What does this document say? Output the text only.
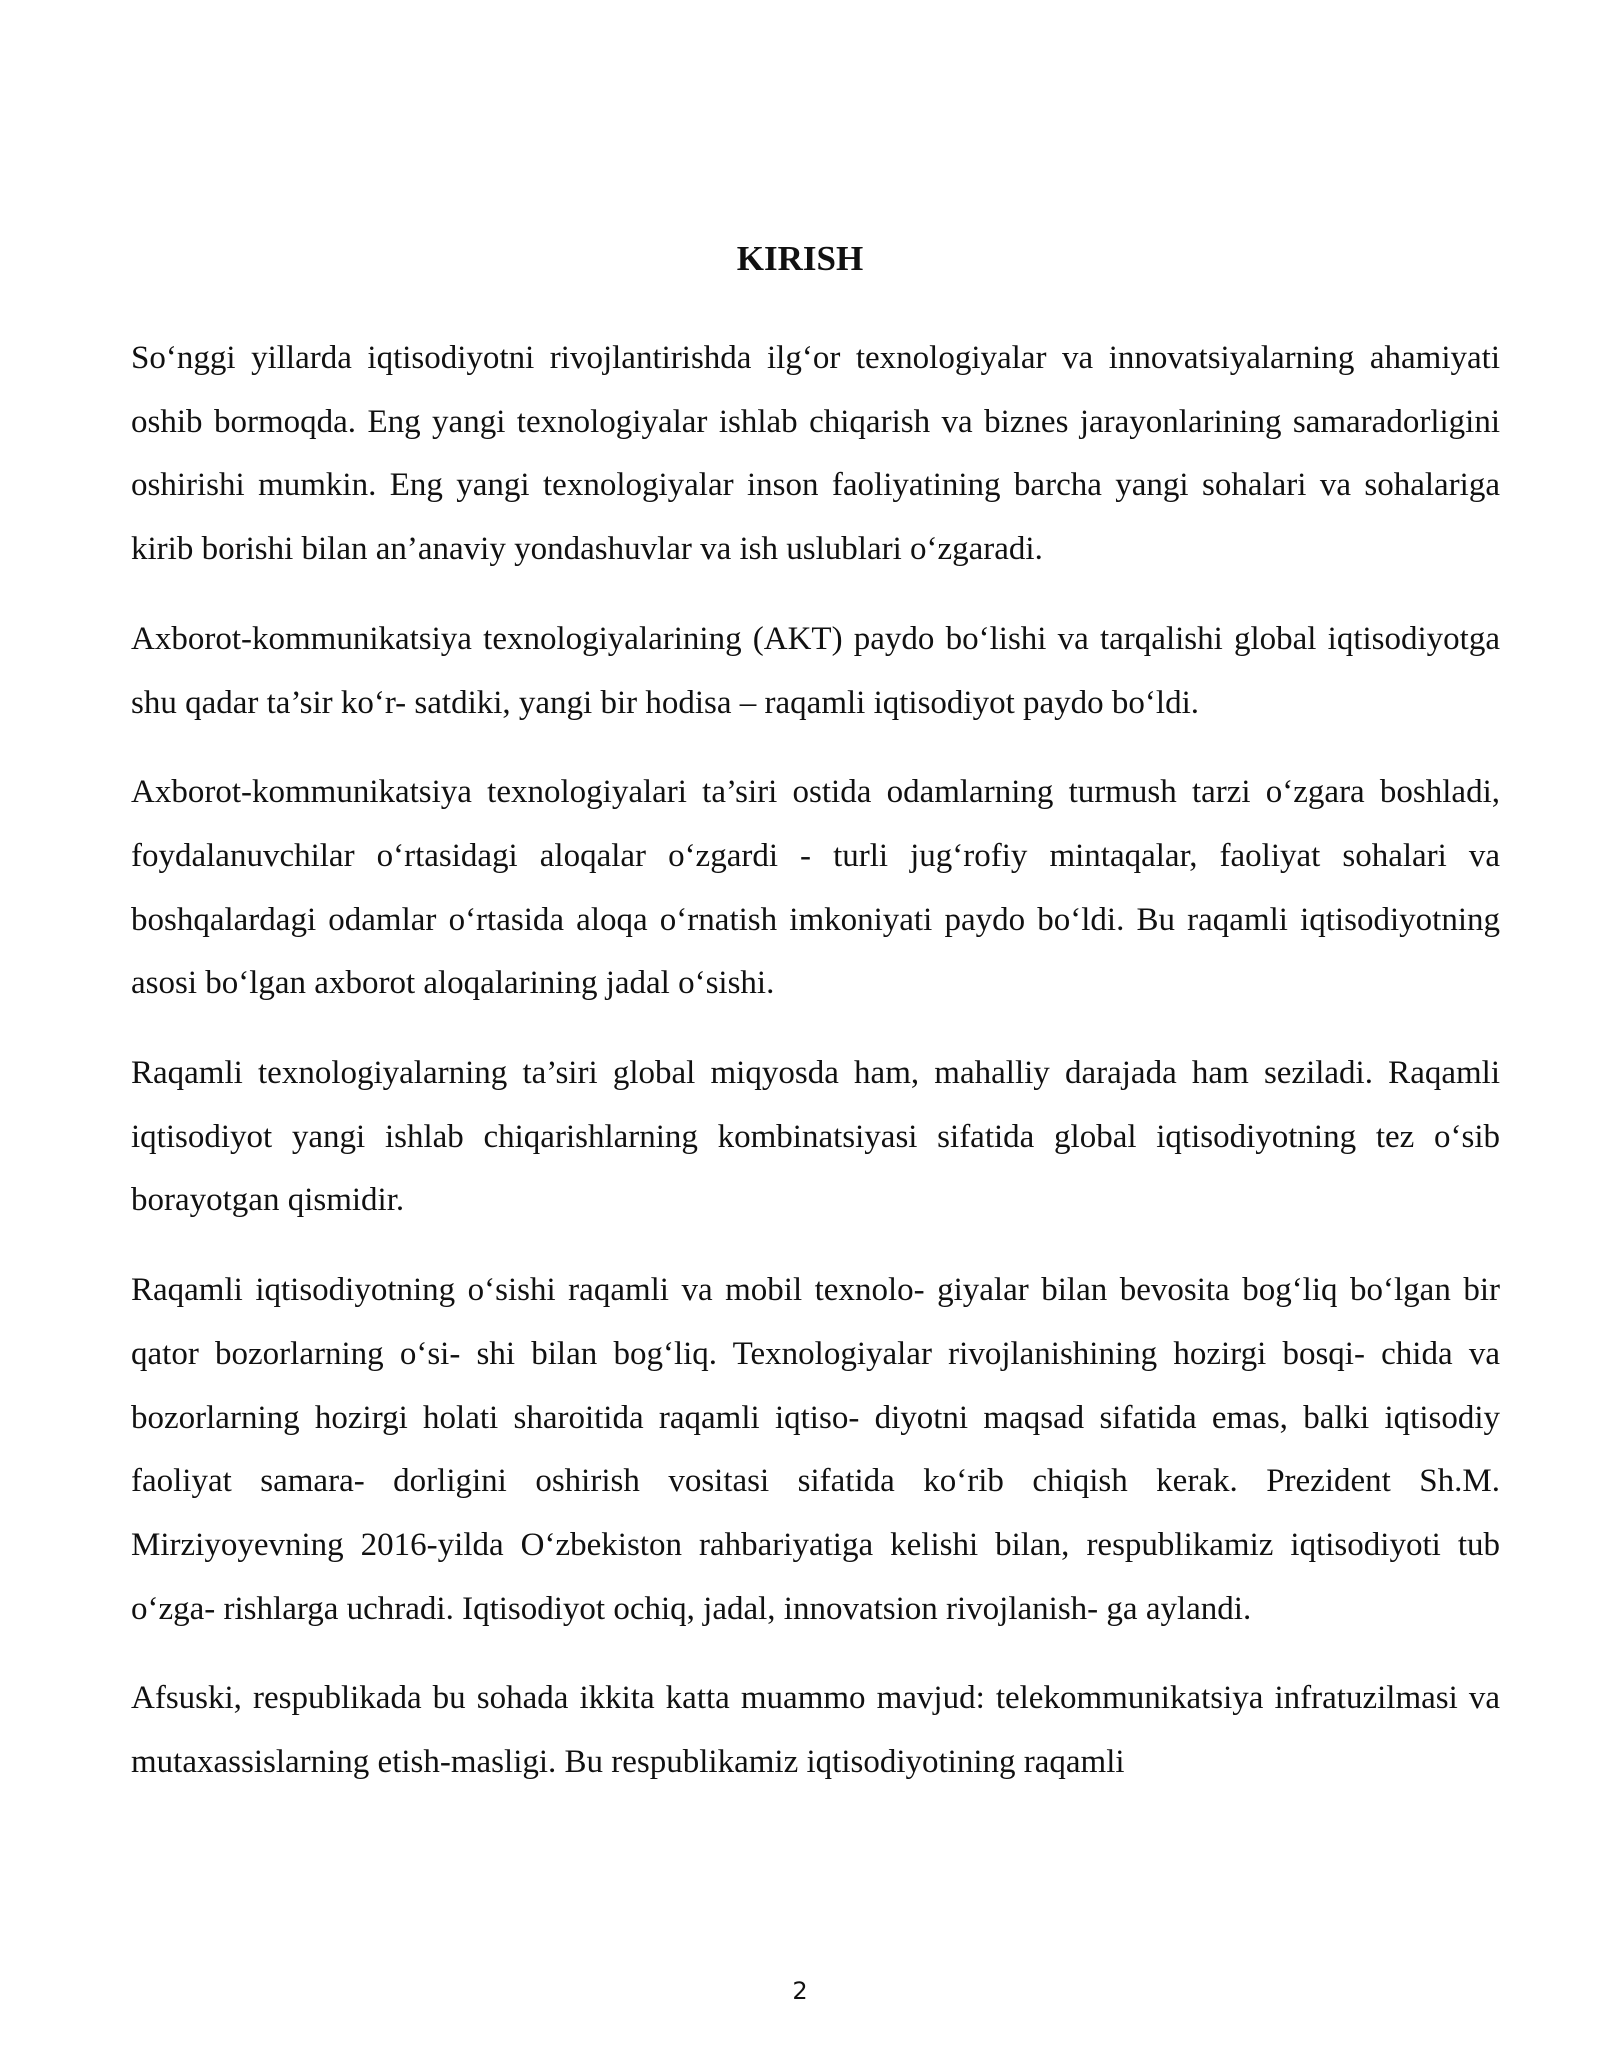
KIRISH

So‘nggi yillarda iqtisodiyotni rivojlantirishda ilg‘or texnologiyalar va innovatsiyalarning ahamiyati oshib bormoqda. Eng yangi texnologiyalar ishlab chiqarish va biznes jarayonlarining samaradorligini oshirishi mumkin. Eng yangi texnologiyalar inson faoliyatining barcha yangi sohalari va sohalariga kirib borishi bilan an’anaviy yondashuvlar va ish uslublari o‘zgaradi.

Axborot-kommunikatsiya texnologiyalarining (AKT) paydo bo‘lishi va tarqalishi global iqtisodiyotga shu qadar ta’sir ko‘r- satdiki, yangi bir hodisa – raqamli iqtisodiyot paydo bo‘ldi.

Axborot-kommunikatsiya texnologiyalari ta’siri ostida odamlarning turmush tarzi o‘zgara boshladi, foydalanuvchilar o‘rtasidagi aloqalar o‘zgardi - turli jug‘rofiy mintaqalar, faoliyat sohalari va boshqalardagi odamlar o‘rtasida aloqa o‘rnatish imkoniyati paydo bo‘ldi. Bu raqamli iqtisodiyotning asosi bo‘lgan axborot aloqalarining jadal o‘sishi.

Raqamli texnologiyalarning ta’siri global miqyosda ham, mahalliy darajada ham seziladi. Raqamli iqtisodiyot yangi ishlab chiqarishlarning kombinatsiyasi sifatida global iqtisodiyotning tez o‘sib borayotgan qismidir.

Raqamli iqtisodiyotning o‘sishi raqamli va mobil texnolo- giyalar bilan bevosita bog‘liq bo‘lgan bir qator bozorlarning o‘si- shi bilan bog‘liq. Texnologiyalar rivojlanishining hozirgi bosqi- chida va bozorlarning hozirgi holati sharoitida raqamli iqtiso- diyotni maqsad sifatida emas, balki iqtisodiy faoliyat samara- dorligini oshirish vositasi sifatida ko‘rib chiqish kerak. Prezident Sh.M. Mirziyoyevning 2016-yilda O‘zbekiston rahbariyatiga kelishi bilan, respublikamiz iqtisodiyoti tub o‘zga- rishlarga uchradi. Iqtisodiyot ochiq, jadal, innovatsion rivojlanish- ga aylandi.

Afsuski, respublikada bu sohada ikkita katta muammo mavjud: telekommunikatsiya infratuzilmasi va mutaxassislarning etish-masligi. Bu respublikamiz iqtisodiyotining raqamli

2
